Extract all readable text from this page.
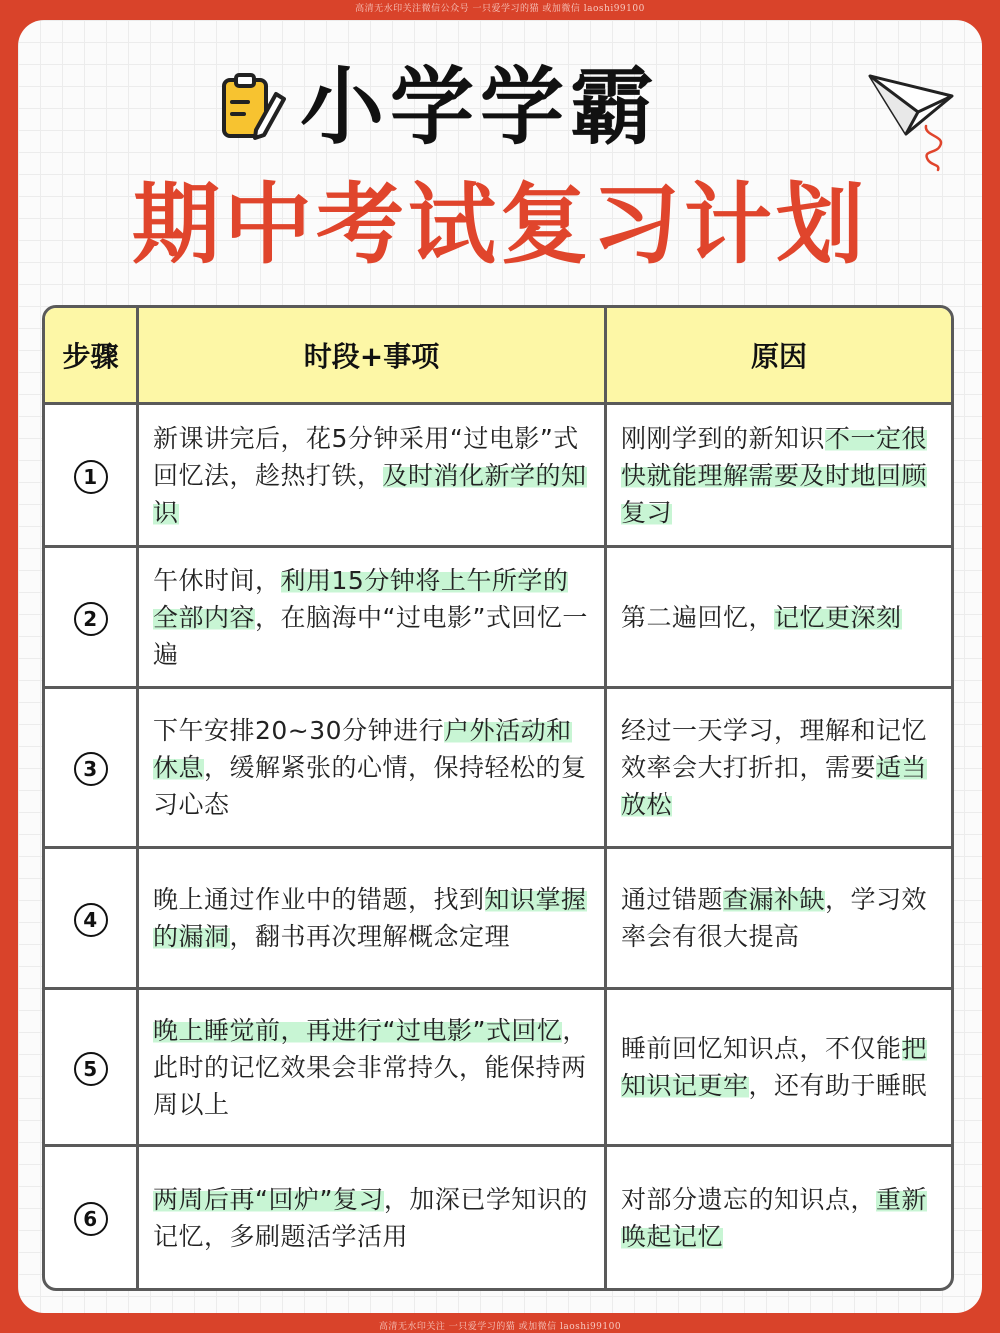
高清无水印关注微信公众号 一只爱学习的猫 或加微信 laoshi99100
小学学霸
期中考试复习计划
步骤	时段+事项	原因
1	新课讲完后，花5分钟采用“过电影”式回忆法，趁热打铁，及时消化新学的知识	刚刚学到的新知识不一定很快就能理解需要及时地回顾复习
2	午休时间，利用15分钟将上午所学的全部内容，在脑海中“过电影”式回忆一遍	第二遍回忆，记忆更深刻
3	下午安排20~30分钟进行户外活动和休息，缓解紧张的心情，保持轻松的复习心态	经过一天学习，理解和记忆效率会大打折扣，需要适当放松
4	晚上通过作业中的错题，找到知识掌握的漏洞，翻书再次理解概念定理	通过错题查漏补缺，学习效率会有很大提高
5	晚上睡觉前，再进行“过电影”式回忆，此时的记忆效果会非常持久，能保持两周以上	睡前回忆知识点，不仅能把知识记更牢，还有助于睡眠
6	两周后再“回炉”复习，加深已学知识的记忆，多刷题活学活用	对部分遗忘的知识点，重新唤起记忆
高清无水印关注 一只爱学习的猫 或加微信 laoshi99100
